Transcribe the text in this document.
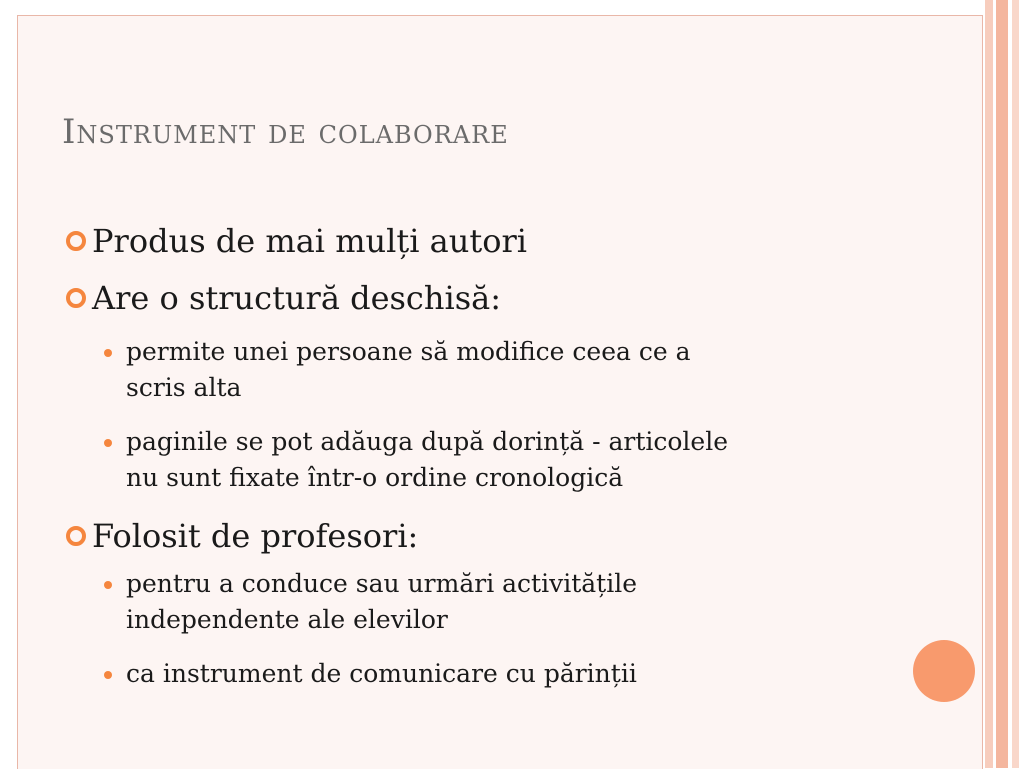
Instrument de colaborare
Produs de mai mulți autori
Are o structură deschisă:
permite unei persoane să modifice ceea ce a
scris alta
paginile se pot adăuga după dorință - articolele
nu sunt fixate într-o ordine cronologică
Folosit de profesori:
pentru a conduce sau urmări activitățile
independente ale elevilor
ca instrument de comunicare cu părinții
